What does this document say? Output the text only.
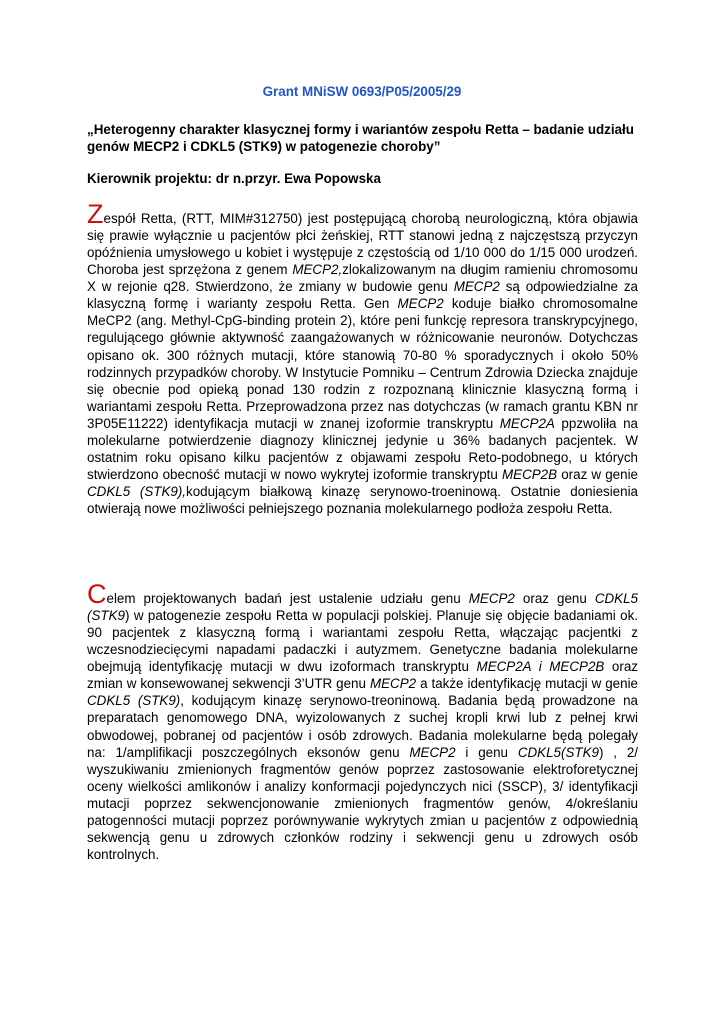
Grant MNiSW 0693/P05/2005/29

„Heterogenny charakter klasycznej formy i wariantów zespołu Retta – badanie udziału genów MECP2 i CDKL5 (STK9) w patogenezie choroby”

Kierownik projektu: dr n.przyr. Ewa Popowska

Zespół Retta, (RTT, MIM#312750) jest postępującą chorobą neurologiczną, która objawia się prawie wyłącznie u pacjentów płci żeńskiej, RTT stanowi jedną z najczęstszą przyczyn opóźnienia umysłowego u kobiet i występuje z częstością od 1/10 000 do 1/15 000 urodzeń. Choroba jest sprzężona z genem MECP2,zlokalizowanym na długim ramieniu chromosomu X w rejonie q28. Stwierdzono, że zmiany w budowie genu MECP2 są odpowiedzialne za klasyczną formę i warianty zespołu Retta. Gen MECP2 koduje białko chromosomalne MeCP2 (ang. Methyl-CpG-binding protein 2), które peni funkcję represora transkrypcyjnego, regulującego głównie aktywność zaangażowanych w różnicowanie neuronów. Dotychczas opisano ok. 300 różnych mutacji, które stanowią 70-80 % sporadycznych i około 50% rodzinnych przypadków choroby. W Instytucie Pomniku – Centrum Zdrowia Dziecka znajduje się obecnie pod opieką ponad 130 rodzin z rozpoznaną klinicznie klasyczną formą i wariantami zespołu Retta. Przeprowadzona przez nas dotychczas (w ramach grantu KBN nr 3P05E11222) identyfikacja mutacji w znanej izoformie transkryptu MECP2A ppzwoliła na molekularne potwierdzenie diagnozy klinicznej jedynie u 36% badanych pacjentek. W ostatnim roku opisano kilku pacjentów z objawami zespołu Reto-podobnego, u których stwierdzono obecność mutacji w nowo wykrytej izoformie transkryptu MECP2B oraz w genie CDKL5 (STK9),kodującym białkową kinazę serynowo-troeninową. Ostatnie doniesienia otwierają nowe możliwości pełniejszego poznania molekularnego podłoża zespołu Retta.

Celem projektowanych badań jest ustalenie udziału genu MECP2 oraz genu CDKL5 (STK9) w patogenezie zespołu Retta w populacji polskiej. Planuje się objęcie badaniami ok. 90 pacjentek z klasyczną formą i wariantami zespołu Retta, włączając pacjentki z wczesnodziecięcymi napadami padaczki i autyzmem. Genetyczne badania molekularne obejmują identyfikację mutacji w dwu izoformach transkryptu MECP2A i MECP2B oraz zmian w konsewowanej sekwencji 3’UTR genu MECP2 a także identyfikację mutacji w genie CDKL5 (STK9), kodującym kinazę serynowo-treoninową. Badania będą prowadzone na preparatach genomowego DNA, wyizolowanych z suchej kropli krwi lub z pełnej krwi obwodowej, pobranej od pacjentów i osób zdrowych. Badania molekularne będą polegały na: 1/amplifikacji poszczególnych eksonów genu MECP2 i genu CDKL5(STK9) , 2/ wyszukiwaniu zmienionych fragmentów genów poprzez zastosowanie elektroforetycznej oceny wielkości amlikonów i analizy konformacji pojedynczych nici (SSCP), 3/ identyfikacji mutacji poprzez sekwencjonowanie zmienionych fragmentów genów, 4/określaniu patogenności mutacji poprzez porównywanie wykrytych zmian u pacjentów z odpowiednią sekwencją genu u zdrowych członków rodziny i sekwencji genu u zdrowych osób kontrolnych.
